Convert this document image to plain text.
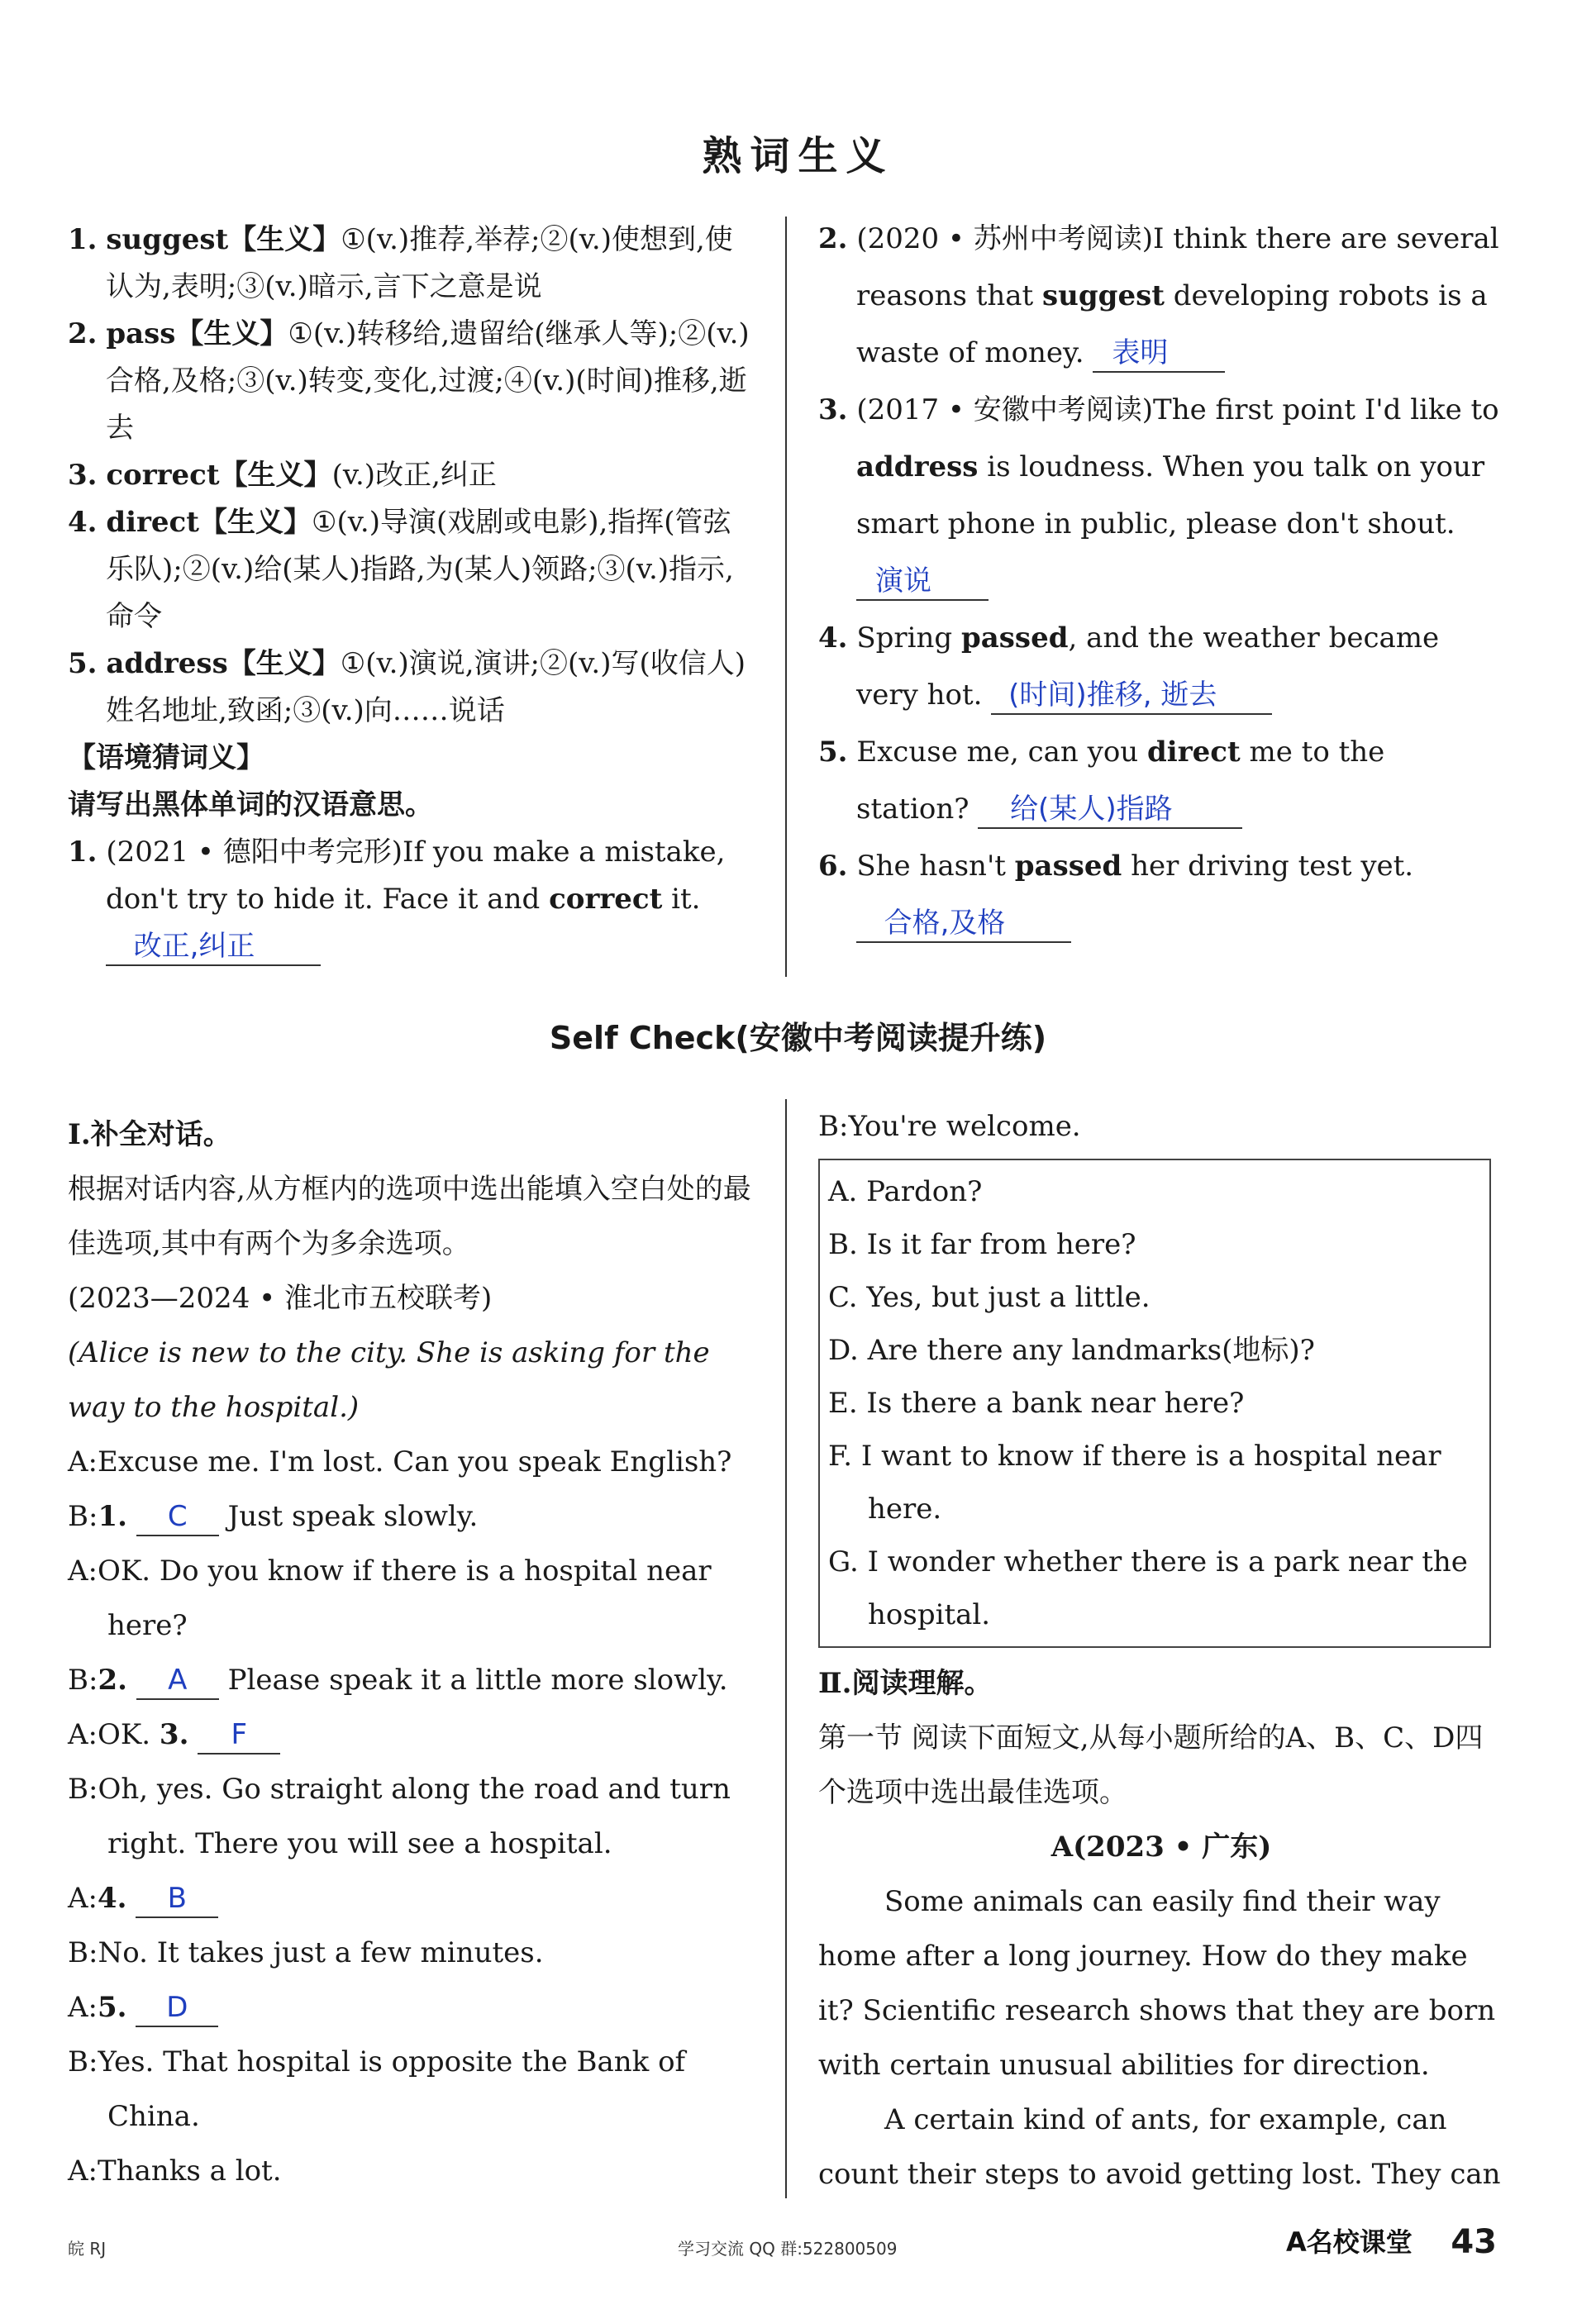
熟词生义

1. suggest【生义】①(v.)推荐,举荐;②(v.)使想到,使认为,表明;③(v.)暗示,言下之意是说

2. pass【生义】①(v.)转移给,遗留给(继承人等);②(v.)合格,及格;③(v.)转变,变化,过渡;④(v.)(时间)推移,逝去

3. correct【生义】(v.)改正,纠正

4. direct【生义】①(v.)导演(戏剧或电影),指挥(管弦乐队);②(v.)给(某人)指路,为(某人)领路;③(v.)指示,命令

5. address【生义】①(v.)演说,演讲;②(v.)写(收信人)姓名地址,致函;③(v.)向……说话

【语境猜词义】

请写出黑体单词的汉语意思。

1. (2021 • 德阳中考完形)If you make a mistake, don't try to hide it. Face it and correct it. 改正,纠正

2. (2020 • 苏州中考阅读)I think there are several reasons that suggest developing robots is a waste of money. 表明

3. (2017 • 安徽中考阅读)The first point I'd like to address is loudness. When you talk on your smart phone in public, please don't shout. 演说

4. Spring passed, and the weather became very hot. (时间)推移, 逝去

5. Excuse me, can you direct me to the station? 给(某人)指路

6. She hasn't passed her driving test yet. 合格,及格

Self Check(安徽中考阅读提升练)

Ⅰ.补全对话。

根据对话内容,从方框内的选项中选出能填入空白处的最佳选项,其中有两个为多余选项。

(2023—2024 • 淮北市五校联考)

(Alice is new to the city. She is asking for the way to the hospital.)

A:Excuse me. I'm lost. Can you speak English?

B:1. C Just speak slowly.

A:OK. Do you know if there is a hospital near here?

B:2. A Please speak it a little more slowly.

A:OK. 3. F

B:Oh, yes. Go straight along the road and turn right. There you will see a hospital.

A:4. B

B:No. It takes just a few minutes.

A:5. D

B:Yes. That hospital is opposite the Bank of China.

A:Thanks a lot.

B:You're welcome.

A. Pardon?

B. Is it far from here?

C. Yes, but just a little.

D. Are there any landmarks(地标)?

E. Is there a bank near here?

F. I want to know if there is a hospital near here.

G. I wonder whether there is a park near the hospital.

Ⅱ.阅读理解。

第一节 阅读下面短文,从每小题所给的A、B、C、D四个选项中选出最佳选项。

A(2023 • 广东)

Some animals can easily find their way home after a long journey. How do they make it? Scientific research shows that they are born with certain unusual abilities for direction.

A certain kind of ants, for example, can count their steps to avoid getting lost. They can

皖 RJ	学习交流 QQ 群:522800509	A名校课堂	43
